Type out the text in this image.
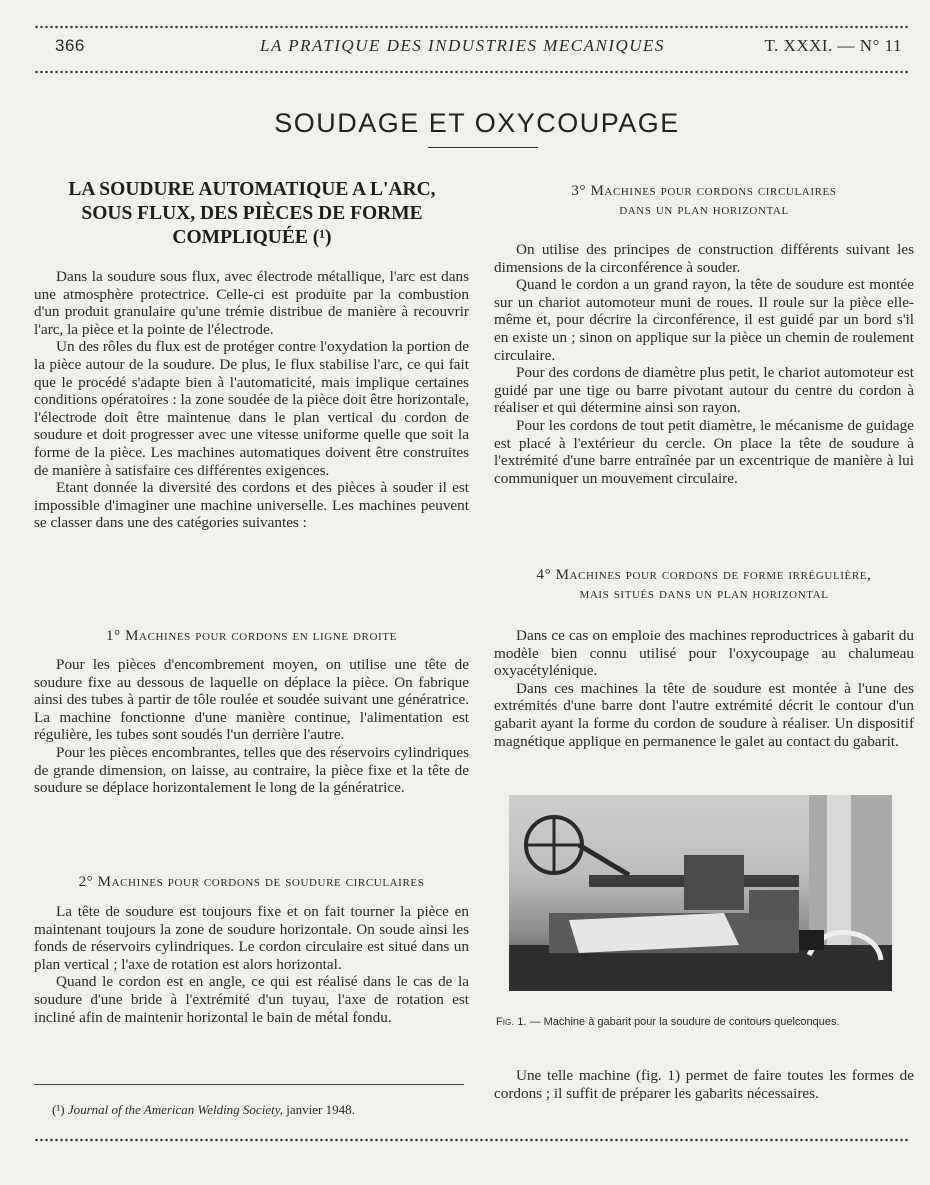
366	LA PRATIQUE DES INDUSTRIES MECANIQUES	T. XXXI. — N° 11
SOUDAGE ET OXYCOUPAGE
LA SOUDURE AUTOMATIQUE A L'ARC,
SOUS FLUX, DES PIÈCES DE FORME
COMPLIQUÉE (¹)

Dans la soudure sous flux, avec électrode métallique, l'arc est dans une atmosphère protectrice. Celle-ci est produite par la combustion d'un produit granulaire qu'une trémie distribue de manière à recouvrir l'arc, la pièce et la pointe de l'électrode.

Un des rôles du flux est de protéger contre l'oxydation la portion de la pièce autour de la soudure. De plus, le flux stabilise l'arc, ce qui fait que le procédé s'adapte bien à l'automaticité, mais implique certaines conditions opératoires : la zone soudée de la pièce doit être horizontale, l'électrode doit être maintenue dans le plan vertical du cordon de soudure et doit progresser avec une vitesse uniforme quelle que soit la forme de la pièce. Les machines automatiques doivent être construites de manière à satisfaire ces différentes exigences.

Etant donnée la diversité des cordons et des pièces à souder il est impossible d'imaginer une machine universelle. Les machines peuvent se classer dans une des catégories suivantes :

1° Machines pour cordons en ligne droite

Pour les pièces d'encombrement moyen, on utilise une tête de soudure fixe au dessous de laquelle on déplace la pièce. On fabrique ainsi des tubes à partir de tôle roulée et soudée suivant une génératrice. La machine fonctionne d'une manière continue, l'alimentation est régulière, les tubes sont soudés l'un derrière l'autre.

Pour les pièces encombrantes, telles que des réservoirs cylindriques de grande dimension, on laisse, au contraire, la pièce fixe et la tête de soudure se déplace horizontalement le long de la génératrice.

2° Machines pour cordons de soudure circulaires

La tête de soudure est toujours fixe et on fait tourner la pièce en maintenant toujours la zone de soudure horizontale. On soude ainsi les fonds de réservoirs cylindriques. Le cordon circulaire est situé dans un plan vertical ; l'axe de rotation est alors horizontal.

Quand le cordon est en angle, ce qui est réalisé dans le cas de la soudure d'une bride à l'extrémité d'un tuyau, l'axe de rotation est incliné afin de maintenir horizontal le bain de métal fondu.

(¹) Journal of the American Welding Society, janvier 1948.
3° Machines pour cordons circulaires
dans un plan horizontal

On utilise des principes de construction différents suivant les dimensions de la circonférence à souder.

Quand le cordon a un grand rayon, la tête de soudure est montée sur un chariot automoteur muni de roues. Il roule sur la pièce elle-même et, pour décrire la circonférence, il est guidé par un bord s'il en existe un ; sinon on applique sur la pièce un chemin de roulement circulaire.

Pour des cordons de diamètre plus petit, le chariot automoteur est guidé par une tige ou barre pivotant autour du centre du cordon à réaliser et qui détermine ainsi son rayon.

Pour les cordons de tout petit diamètre, le mécanisme de guidage est placé à l'extérieur du cercle. On place la tête de soudure à l'extrémité d'une barre entraînée par un excentrique de manière à lui communiquer un mouvement circulaire.

4° Machines pour cordons de forme irrégulière,
mais situés dans un plan horizontal

Dans ce cas on emploie des machines reproductrices à gabarit du modèle bien connu utilisé pour l'oxycoupage au chalumeau oxyacétylénique.

Dans ces machines la tête de soudure est montée à l'une des extrémités d'une barre dont l'autre extrémité décrit le contour d'un gabarit ayant la forme du cordon de soudure à réaliser. Un dispositif magnétique applique en permanence le galet au contact du gabarit.

Fig. 1. — Machine à gabarit pour la soudure de contours quelconques.

Une telle machine (fig. 1) permet de faire toutes les formes de cordons ; il suffit de préparer les gabarits nécessaires.
